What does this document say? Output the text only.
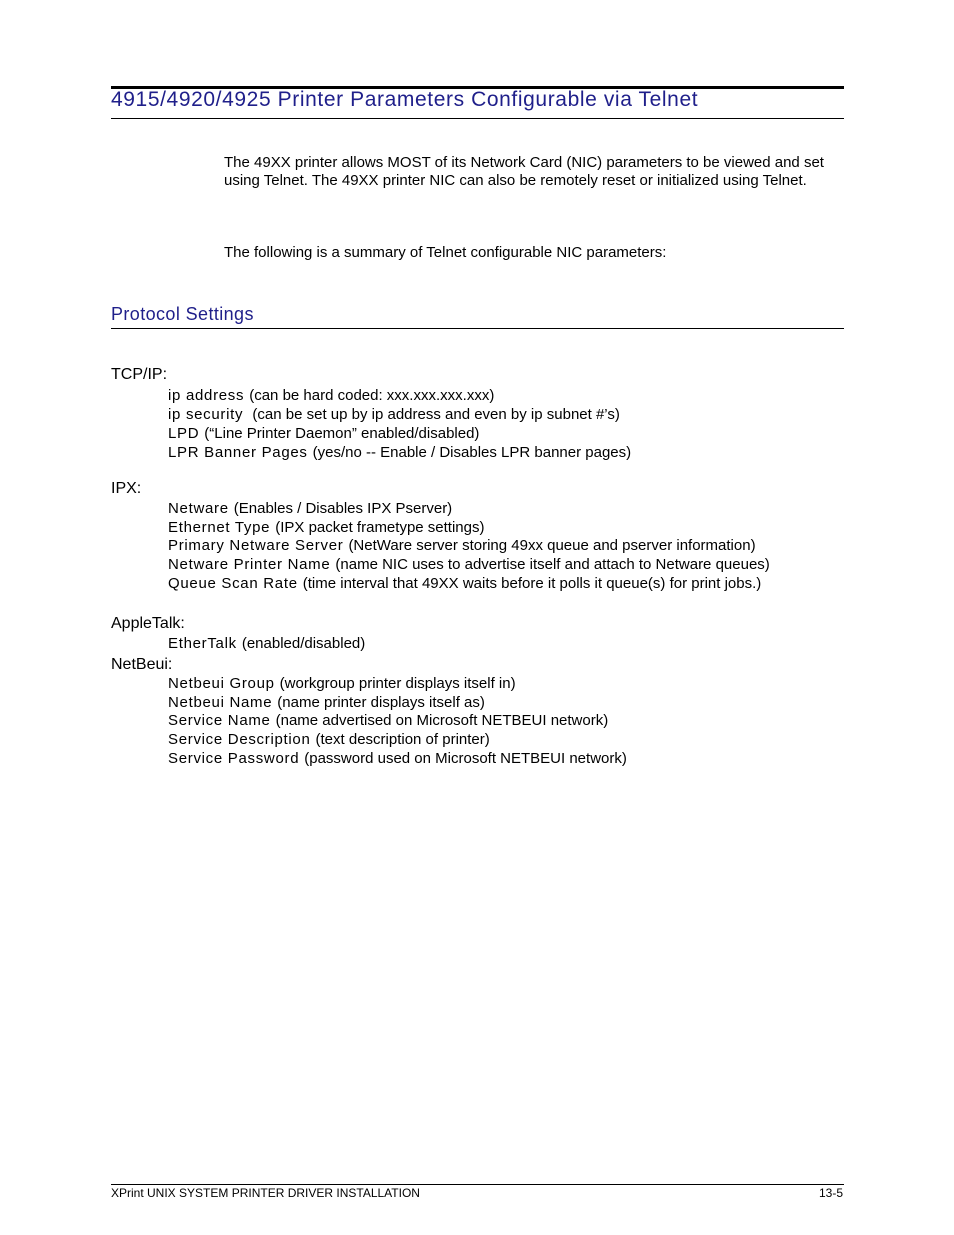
4915/4920/4925 Printer Parameters Configurable via Telnet
The 49XX printer allows MOST of its Network Card (NIC) parameters to be viewed and set using Telnet. The 49XX printer NIC can also be remotely reset or initialized using Telnet.
The following is a summary of Telnet configurable NIC parameters:
Protocol Settings
TCP/IP:
ip address (can be hard coded: xxx.xxx.xxx.xxx)
ip security (can be set up by ip address and even by ip subnet #’s)
LPD (“Line Printer Daemon” enabled/disabled)
LPR Banner Pages (yes/no -- Enable / Disables LPR banner pages)
IPX:
Netware (Enables / Disables IPX Pserver)
Ethernet Type (IPX packet frametype settings)
Primary Netware Server (NetWare server storing 49xx queue and pserver information)
Netware Printer Name (name NIC uses to advertise itself and attach to Netware queues)
Queue Scan Rate (time interval that 49XX waits before it polls it queue(s) for print jobs.)
AppleTalk:
EtherTalk (enabled/disabled)
NetBeui:
Netbeui Group (workgroup printer displays itself in)
Netbeui Name (name printer displays itself as)
Service Name (name advertised on Microsoft NETBEUI network)
Service Description (text description of printer)
Service Password (password used on Microsoft NETBEUI network)
XPrint UNIX SYSTEM PRINTER DRIVER INSTALLATION	13-5
